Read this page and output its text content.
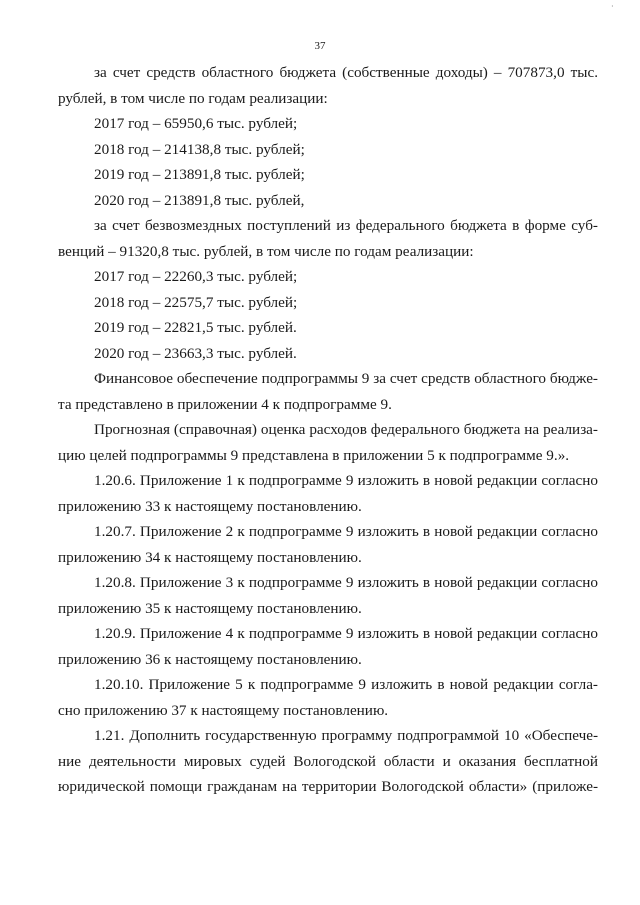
·
37
за счет средств областного бюджета (собственные доходы) – 707873,0 тыс.
рублей, в том числе по годам реализации:
2017 год – 65950,6 тыс. рублей;
2018 год – 214138,8 тыс. рублей;
2019 год – 213891,8 тыс. рублей;
2020 год – 213891,8 тыс. рублей,
за счет безвозмездных поступлений из федерального бюджета в форме суб-
венций – 91320,8 тыс. рублей, в том числе по годам реализации:
2017 год – 22260,3 тыс. рублей;
2018 год – 22575,7 тыс. рублей;
2019 год – 22821,5 тыс. рублей.
2020 год – 23663,3 тыс. рублей.
Финансовое обеспечение подпрограммы 9 за счет средств областного бюдже-
та представлено в приложении 4 к подпрограмме 9.
Прогнозная (справочная) оценка расходов федерального бюджета на реализа-
цию целей подпрограммы 9 представлена в приложении 5 к подпрограмме 9.».
1.20.6. Приложение 1 к подпрограмме 9 изложить в новой редакции согласно
приложению 33 к настоящему постановлению.
1.20.7. Приложение 2 к подпрограмме 9 изложить в новой редакции согласно
приложению 34 к настоящему постановлению.
1.20.8. Приложение 3 к подпрограмме 9 изложить в новой редакции согласно
приложению 35 к настоящему постановлению.
1.20.9. Приложение 4 к подпрограмме 9 изложить в новой редакции согласно
приложению 36 к настоящему постановлению.
1.20.10. Приложение 5 к подпрограмме 9 изложить в новой редакции согла-
сно приложению 37 к настоящему постановлению.
1.21. Дополнить государственную программу подпрограммой 10 «Обеспече-
ние деятельности мировых судей Вологодской области и оказания бесплатной
юридической помощи гражданам на территории Вологодской области» (приложе-
